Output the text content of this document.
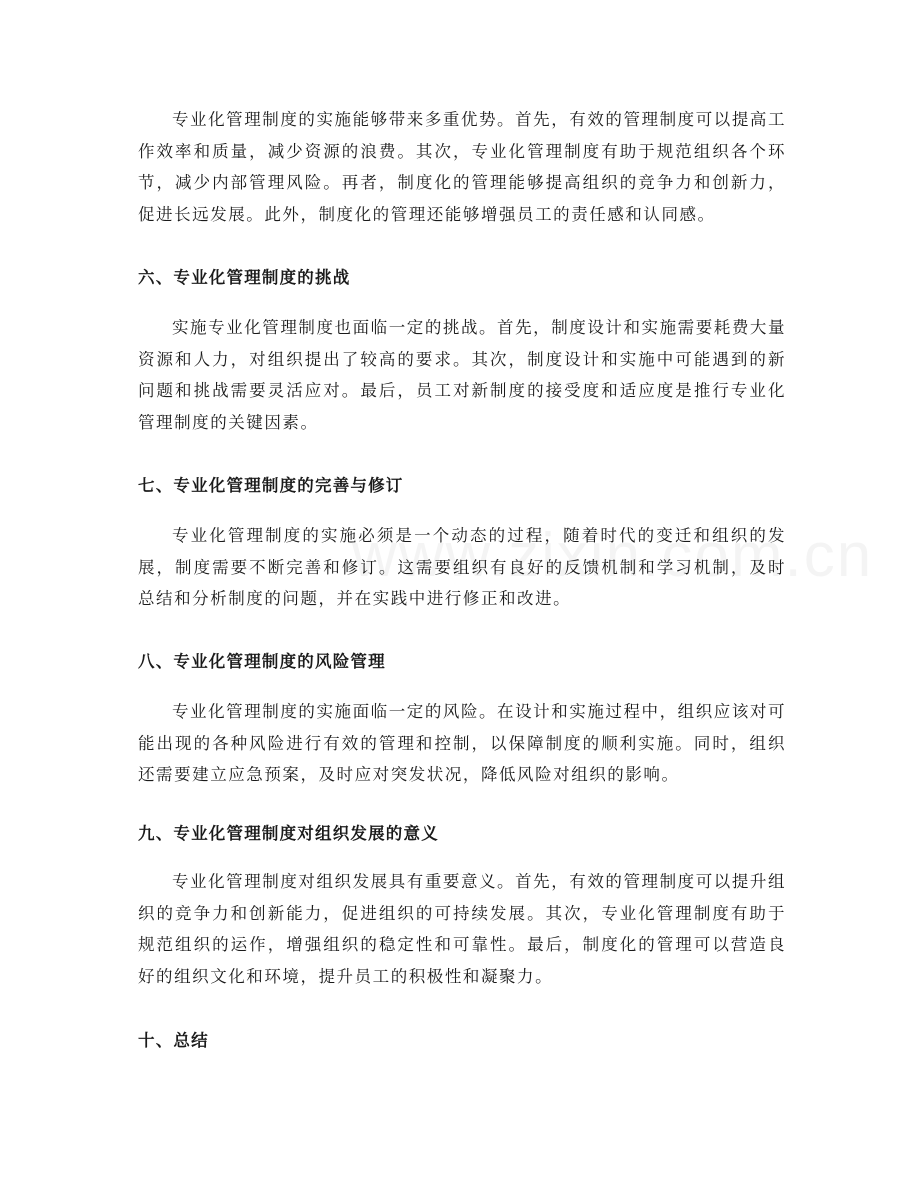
专业化管理制度的实施能够带来多重优势。首先，有效的管理制度可以提高工作效率和质量，减少资源的浪费。其次，专业化管理制度有助于规范组织各个环节，减少内部管理风险。再者，制度化的管理能够提高组织的竞争力和创新力，促进长远发展。此外，制度化的管理还能够增强员工的责任感和认同感。

六、专业化管理制度的挑战

实施专业化管理制度也面临一定的挑战。首先，制度设计和实施需要耗费大量资源和人力，对组织提出了较高的要求。其次，制度设计和实施中可能遇到的新问题和挑战需要灵活应对。最后，员工对新制度的接受度和适应度是推行专业化管理制度的关键因素。

七、专业化管理制度的完善与修订

专业化管理制度的实施必须是一个动态的过程，随着时代的变迁和组织的发展，制度需要不断完善和修订。这需要组织有良好的反馈机制和学习机制，及时总结和分析制度的问题，并在实践中进行修正和改进。

八、专业化管理制度的风险管理

专业化管理制度的实施面临一定的风险。在设计和实施过程中，组织应该对可能出现的各种风险进行有效的管理和控制，以保障制度的顺利实施。同时，组织还需要建立应急预案，及时应对突发状况，降低风险对组织的影响。

九、专业化管理制度对组织发展的意义

专业化管理制度对组织发展具有重要意义。首先，有效的管理制度可以提升组织的竞争力和创新能力，促进组织的可持续发展。其次，专业化管理制度有助于规范组织的运作，增强组织的稳定性和可靠性。最后，制度化的管理可以营造良好的组织文化和环境，提升员工的积极性和凝聚力。

十、总结
